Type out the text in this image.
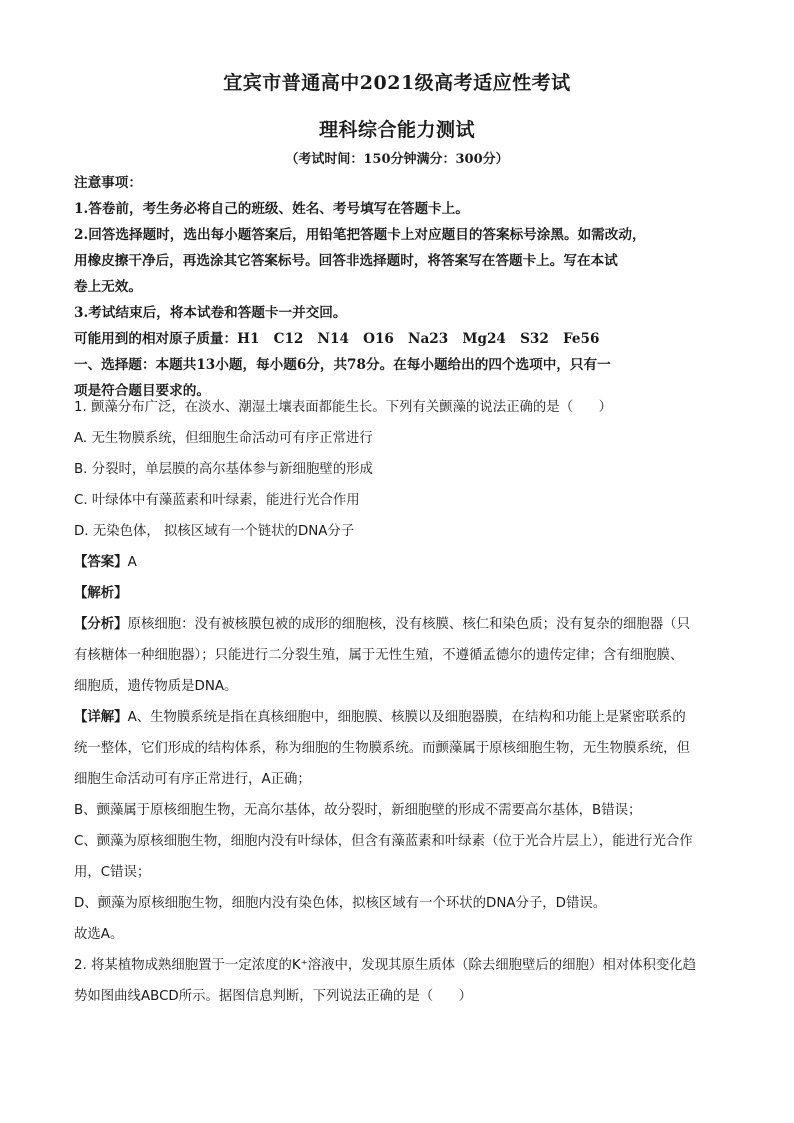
宜宾市普通高中2021级高考适应性考试
理科综合能力测试
（考试时间：150分钟满分：300分）

注意事项：

1.答卷前，考生务必将自己的班级、姓名、考号填写在答题卡上。

2.回答选择题时，选出每小题答案后，用铅笔把答题卡上对应题目的答案标号涂黑。如需改动，

用橡皮擦干净后，再选涂其它答案标号。回答非选择题时，将答案写在答题卡上。写在本试

卷上无效。

3.考试结束后，将本试卷和答题卡一并交回。

可能用到的相对原子质量：H1   C12   N14   O16   Na23   Mg24   S32   Fe56

一、选择题：本题共13小题，每小题6分，共78分。在每小题给出的四个选项中，只有一

项是符合题目要求的。

1. 颤藻分布广泛，在淡水、潮湿土壤表面都能生长。下列有关颤藻的说法正确的是（      ）

A. 无生物膜系统，但细胞生命活动可有序正常进行

B. 分裂时，单层膜的高尔基体参与新细胞壁的形成

C. 叶绿体中有藻蓝素和叶绿素，能进行光合作用

D. 无染色体， 拟核区域有一个链状的DNA分子

【答案】A

【解析】

【分析】原核细胞：没有被核膜包被的成形的细胞核，没有核膜、核仁和染色质；没有复杂的细胞器（只

有核糖体一种细胞器）；只能进行二分裂生殖，属于无性生殖，不遵循孟德尔的遗传定律；含有细胞膜、

细胞质，遗传物质是DNA。

【详解】A、生物膜系统是指在真核细胞中，细胞膜、核膜以及细胞器膜，在结构和功能上是紧密联系的

统一整体，它们形成的结构体系，称为细胞的生物膜系统。而颤藻属于原核细胞生物，无生物膜系统，但

细胞生命活动可有序正常进行，A正确；

B、颤藻属于原核细胞生物，无高尔基体，故分裂时，新细胞壁的形成不需要高尔基体，B错误；

C、颤藻为原核细胞生物，细胞内没有叶绿体，但含有藻蓝素和叶绿素（位于光合片层上），能进行光合作

用，C错误；

D、颤藻为原核细胞生物，细胞内没有染色体，拟核区域有一个环状的DNA分子，D错误。

故选A。

2. 将某植物成熟细胞置于一定浓度的K⁺溶液中，发现其原生质体（除去细胞壁后的细胞）相对体积变化趋

势如图曲线ABCD所示。据图信息判断，下列说法正确的是（      ）
